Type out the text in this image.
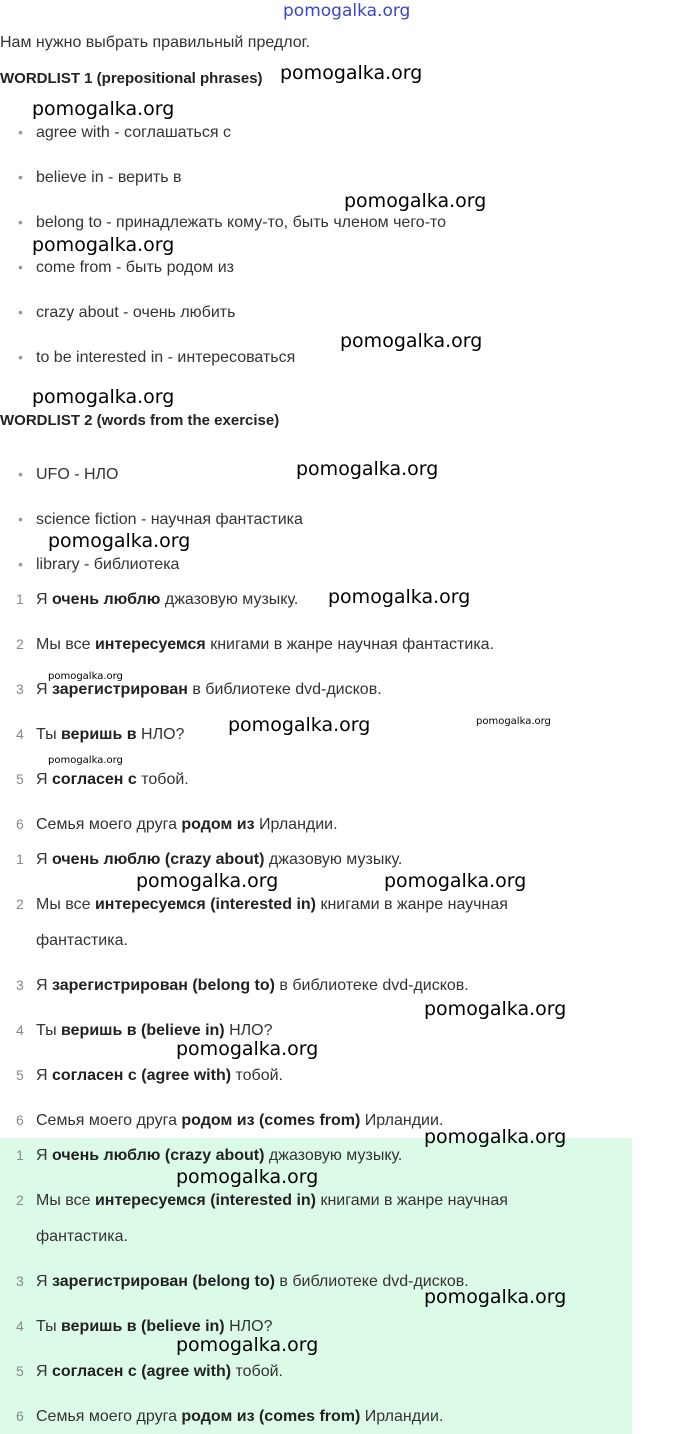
pomogalka.org
Нам нужно выбрать правильный предлог.
WORDLIST 1 (prepositional phrases)
• agree with - соглашаться с
• believe in - верить в
• belong to - принадлежать кому-то, быть членом чего-то
• come from - быть родом из
• crazy about - очень любить
• to be interested in - интересоваться
WORDLIST 2 (words from the exercise)
• UFO - НЛО
• science fiction - научная фантастика
• library - библиотека
1 Я очень люблю джазовую музыку.
2 Мы все интересуемся книгами в жанре научная фантастика.
3 Я зарегистрирован в библиотеке dvd-дисков.
4 Ты веришь в НЛО?
5 Я согласен с тобой.
6 Семья моего друга родом из Ирландии.
1 Я очень люблю (crazy about) джазовую музыку.
2 Мы все интересуемся (interested in) книгами в жанре научная
фантастика.
3 Я зарегистрирован (belong to) в библиотеке dvd-дисков.
4 Ты веришь в (believe in) НЛО?
5 Я согласен с (agree with) тобой.
6 Семья моего друга родом из (comes from) Ирландии.
1 Я очень люблю (crazy about) джазовую музыку.
2 Мы все интересуемся (interested in) книгами в жанре научная
фантастика.
3 Я зарегистрирован (belong to) в библиотеке dvd-дисков.
4 Ты веришь в (believe in) НЛО?
5 Я согласен с (agree with) тобой.
6 Семья моего друга родом из (comes from) Ирландии.
pomogalka.org
pomogalka.org
pomogalka.org
pomogalka.org
pomogalka.org
pomogalka.org
pomogalka.org
pomogalka.org
pomogalka.org
pomogalka.org
pomogalka.org	pomogalka.org
pomogalka.org
pomogalka.org	pomogalka.org
pomogalka.org
pomogalka.org
pomogalka.org
pomogalka.org
pomogalka.org
pomogalka.org
